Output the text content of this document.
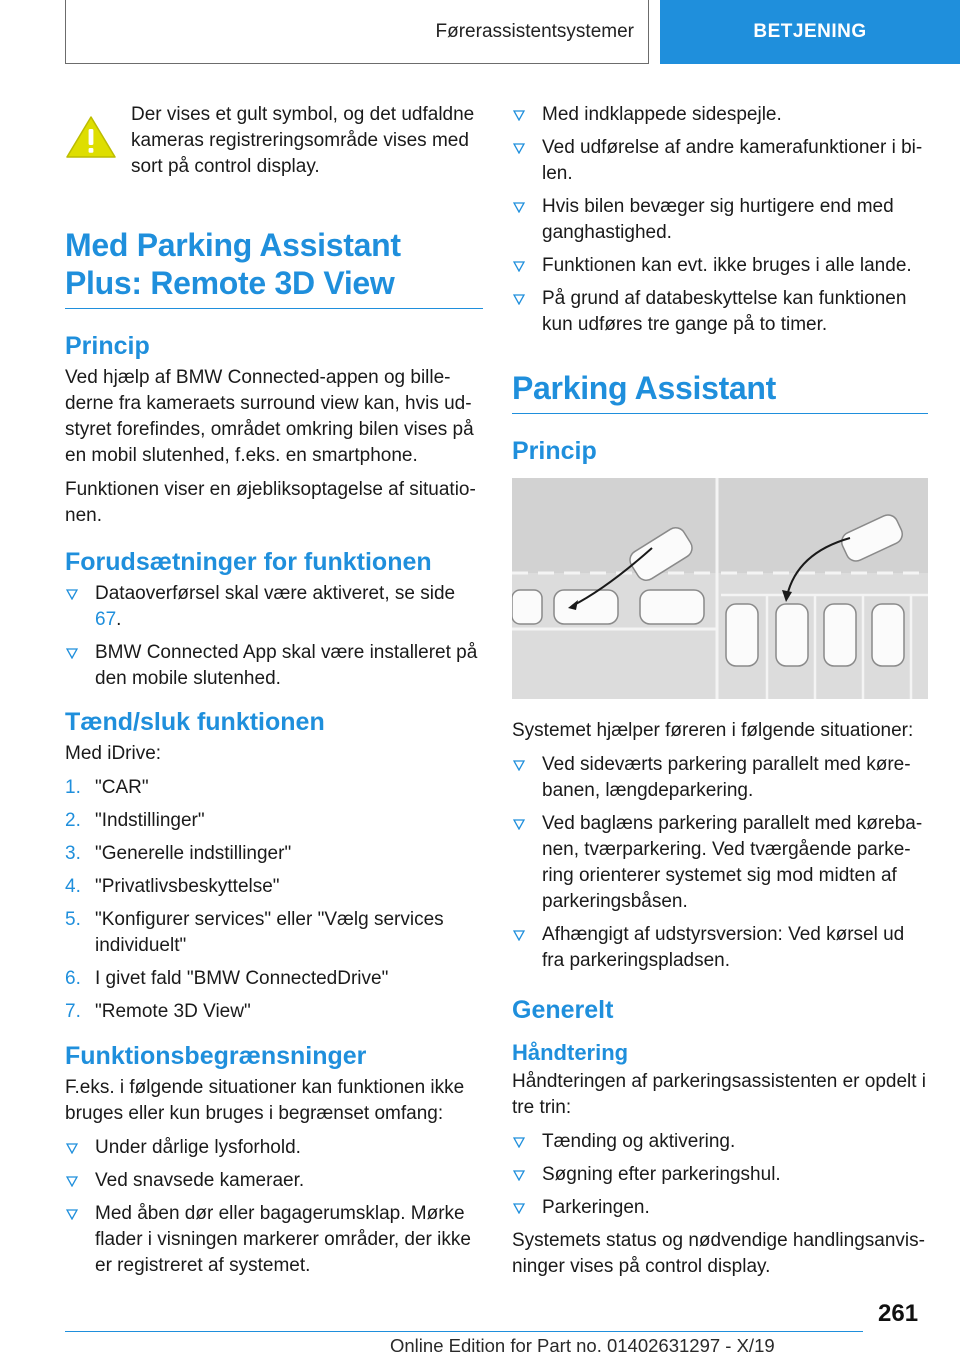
Førerassistentsystemer	BETJENING

Der vises et gult symbol, og det udfaldne kameras registreringsområde vises med sort på control display.

Med Parking Assistant Plus: Remote 3D View
Princip

Ved hjælp af BMW Connected-appen og bille-derne fra kameraets surround view kan, hvis ud-styret forefindes, området omkring bilen vises på en mobil slutenhed, f.eks. en smartphone.

Funktionen viser en øjebliksoptagelse af situatio-nen.

Forudsætninger for funktionen
Dataoverførsel skal være aktiveret, se side 67.
BMW Connected App skal være installeret på den mobile slutenhed.
Tænd/sluk funktionen

Med iDrive:

1. "CAR"
2. "Indstillinger"
3. "Generelle indstillinger"
4. "Privatlivsbeskyttelse"
5. "Konfigurer services" eller "Vælg services individuelt"
6. I givet fald "BMW ConnectedDrive"
7. "Remote 3D View"
Funktionsbegrænsninger

F.eks. i følgende situationer kan funktionen ikke bruges eller kun bruges i begrænset omfang:

Under dårlige lysforhold.
Ved snavsede kameraer.
Med åben dør eller bagagerumsklap. Mørke flader i visningen markerer områder, der ikke er registreret af systemet.
Med indklappede sidespejle.
Ved udførelse af andre kamerafunktioner i bi-len.
Hvis bilen bevæger sig hurtigere end med ganghastighed.
Funktionen kan evt. ikke bruges i alle lande.
På grund af databeskyttelse kan funktionen kun udføres tre gange på to timer.
Parking Assistant
Princip

Systemet hjælper føreren i følgende situationer:

Ved sideværts parkering parallelt med køre-banen, længdeparkering.
Ved baglæns parkering parallelt med køreba-nen, tværparkering. Ved tværgående parke-ring orienterer systemet sig mod midten af parkeringsbåsen.
Afhængigt af udstyrsversion: Ved kørsel ud fra parkeringspladsen.
Generelt
Håndtering

Håndteringen af parkeringsassistenten er opdelt i tre trin:

Tænding og aktivering.
Søgning efter parkeringshul.
Parkeringen.

Systemets status og nødvendige handlingsanvis-ninger vises på control display.

261
Online Edition for Part no. 01402631297 - X/19
